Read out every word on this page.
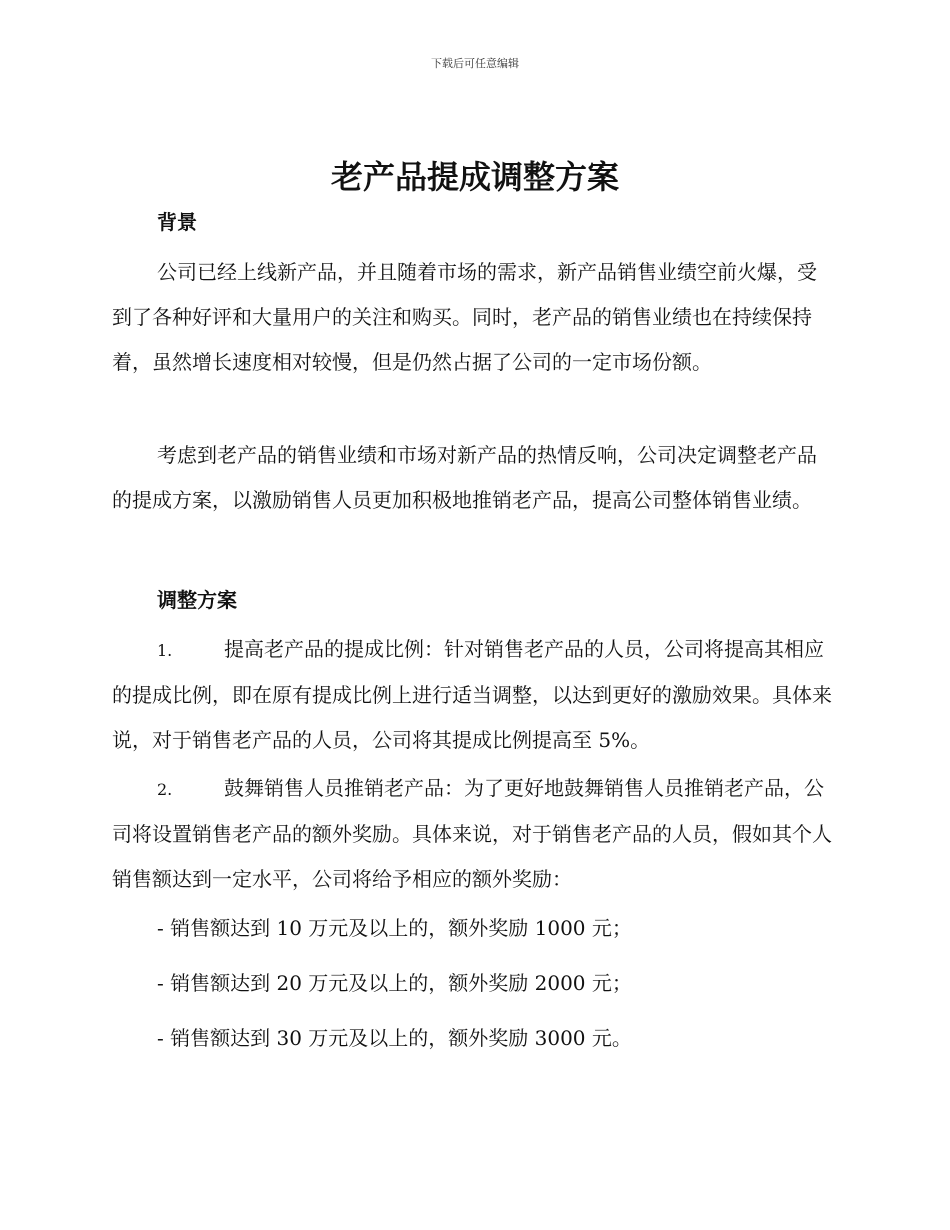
下载后可任意编辑
老产品提成调整方案
背景

公司已经上线新产品，并且随着市场的需求，新产品销售业绩空前火爆，受到了各种好评和大量用户的关注和购买。同时，老产品的销售业绩也在持续保持着，虽然增长速度相对较慢，但是仍然占据了公司的一定市场份额。

考虑到老产品的销售业绩和市场对新产品的热情反响，公司决定调整老产品的提成方案，以激励销售人员更加积极地推销老产品，提高公司整体销售业绩。

调整方案

1.	提高老产品的提成比例：针对销售老产品的人员，公司将提高其相应的提成比例，即在原有提成比例上进行适当调整，以达到更好的激励效果。具体来说，对于销售老产品的人员，公司将其提成比例提高至 5%。

2.	鼓舞销售人员推销老产品：为了更好地鼓舞销售人员推销老产品，公司将设置销售老产品的额外奖励。具体来说，对于销售老产品的人员，假如其个人销售额达到一定水平，公司将给予相应的额外奖励：

- 销售额达到 10 万元及以上的，额外奖励 1000 元；

- 销售额达到 20 万元及以上的，额外奖励 2000 元；

- 销售额达到 30 万元及以上的，额外奖励 3000 元。
